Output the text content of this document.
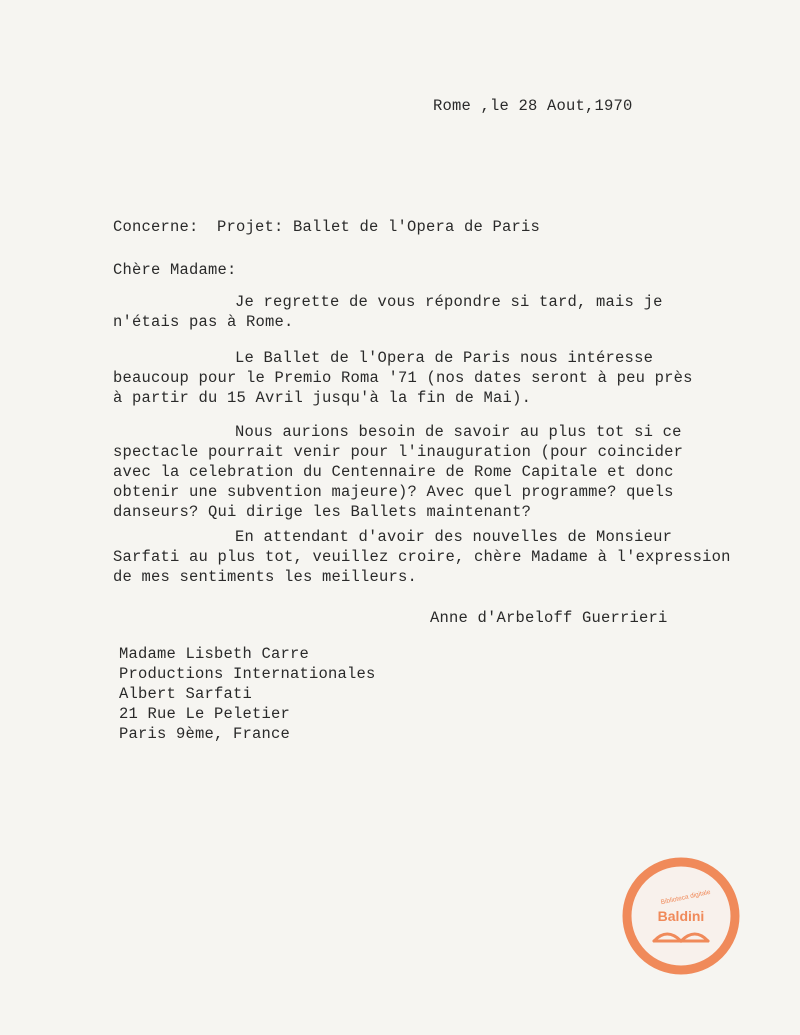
Rome ,le 28 Aout,1970

Concerne: Projet: Ballet de l'Opera de Paris

Chère Madame:

Je regrette de vous répondre si tard, mais je

n'étais pas à Rome.

Le Ballet de l'Opera de Paris nous intéresse

beaucoup pour le Premio Roma '71 (nos dates seront à peu près

à partir du 15 Avril jusqu'à la fin de Mai).

Nous aurions besoin de savoir au plus tot si ce

spectacle pourrait venir pour l'inauguration (pour coincider

avec la celebration du Centennaire de Rome Capitale et donc

obtenir une subvention majeure)? Avec quel programme? quels

danseurs? Qui dirige les Ballets maintenant?

En attendant d'avoir des nouvelles de Monsieur

Sarfati au plus tot, veuillez croire, chère Madame à l'expression

de mes sentiments les meilleurs.

Anne d'Arbeloff Guerrieri

Madame Lisbeth Carre

Productions Internationales

Albert Sarfati

21 Rue Le Peletier

Paris 9ème, France

Biblioteca digitale
Baldini
